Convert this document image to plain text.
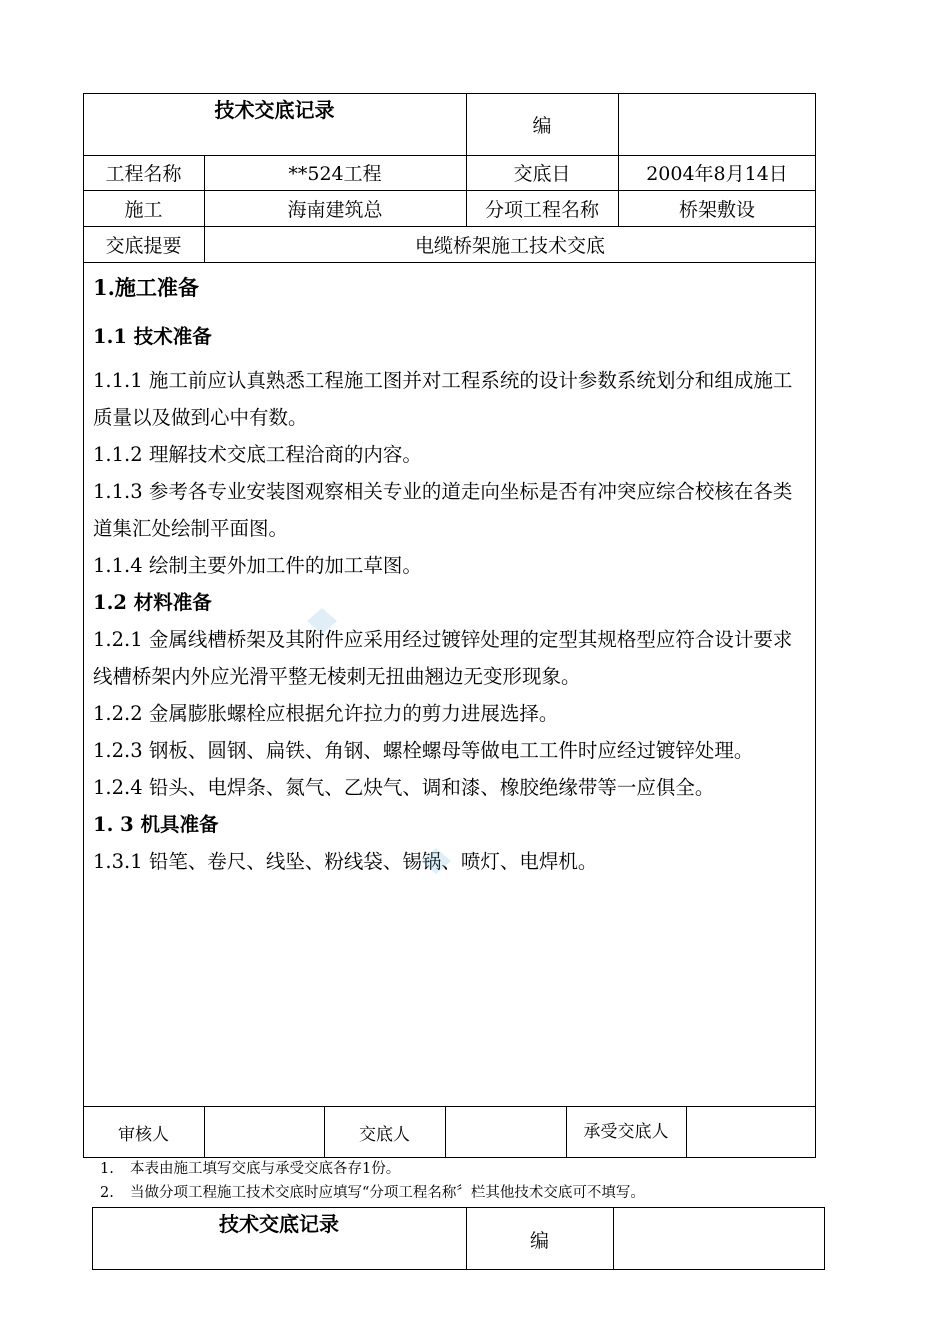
技术交底记录
编
工程名称	**524工程	交底日	2004年8月14日
施工	海南建筑总	分项工程名称	桥架敷设
交底提要	电缆桥架施工技术交底

1.施工准备

1.1 技术准备

1.1.1 施工前应认真熟悉工程施工图并对工程系统的设计参数系统划分和组成施工质量以及做到心中有数。

1.1.2 理解技术交底工程洽商的内容。

1.1.3 参考各专业安装图观察相关专业的道走向坐标是否有冲突应综合校核在各类道集汇处绘制平面图。

1.1.4 绘制主要外加工件的加工草图。

1.2 材料准备

1.2.1 金属线槽桥架及其附件应采用经过镀锌处理的定型其规格型应符合设计要求线槽桥架内外应光滑平整无棱刺无扭曲翘边无变形现象。

1.2.2 金属膨胀螺栓应根据允许拉力的剪力进展选择。

1.2.3 钢板、圆钢、扁铁、角钢、螺栓螺母等做电工工件时应经过镀锌处理。

1.2.4 铅头、电焊条、氮气、乙炔气、调和漆、橡胶绝缘带等一应俱全。

1. 3 机具准备

1.3.1 铅笔、卷尺、线坠、粉线袋、锡锅、喷灯、电焊机。

审核人	交底人	承受交底人
1. 本表由施工填写交底与承受交底各存1份。
2. 当做分项工程施工技术交底时应填写“分项工程名称〞栏其他技术交底可不填写。
技术交底记录
编
